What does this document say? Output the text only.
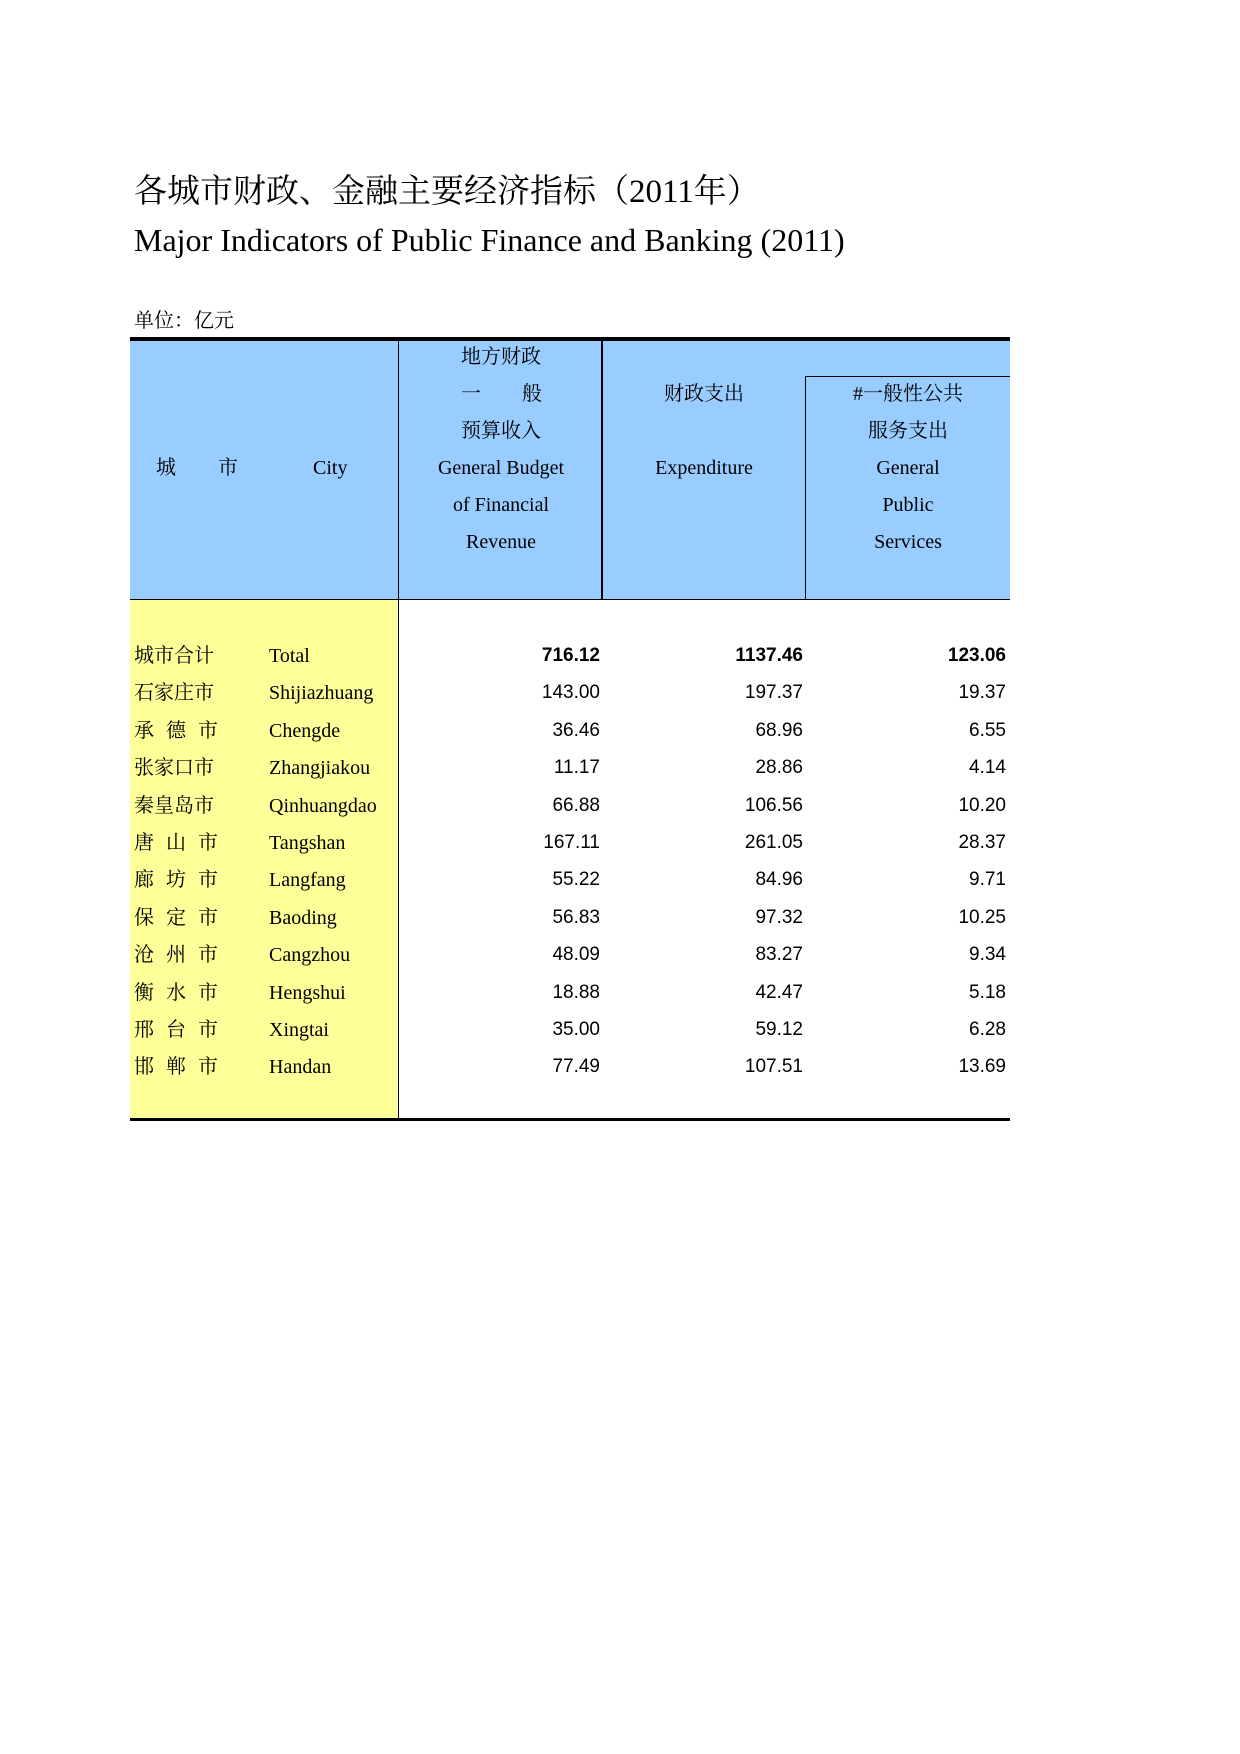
各城市财政、金融主要经济指标（2011年）
Major Indicators of Public Finance and Banking (2011)
单位：亿元
城 市	City
地方财政
一 般
预算收入
General Budget
of Financial
Revenue
财政支出
Expenditure
#一般性公共
服务支出
General
Public
Services
城市合计	Total	716.12	1137.46	123.06
石家庄市	Shijiazhuang	143.00	197.37	19.37
承 德 市	Chengde	36.46	68.96	6.55
张家口市	Zhangjiakou	11.17	28.86	4.14
秦皇岛市	Qinhuangdao	66.88	106.56	10.20
唐 山 市	Tangshan	167.11	261.05	28.37
廊 坊 市	Langfang	55.22	84.96	9.71
保 定 市	Baoding	56.83	97.32	10.25
沧 州 市	Cangzhou	48.09	83.27	9.34
衡 水 市	Hengshui	18.88	42.47	5.18
邢 台 市	Xingtai	35.00	59.12	6.28
邯 郸 市	Handan	77.49	107.51	13.69
